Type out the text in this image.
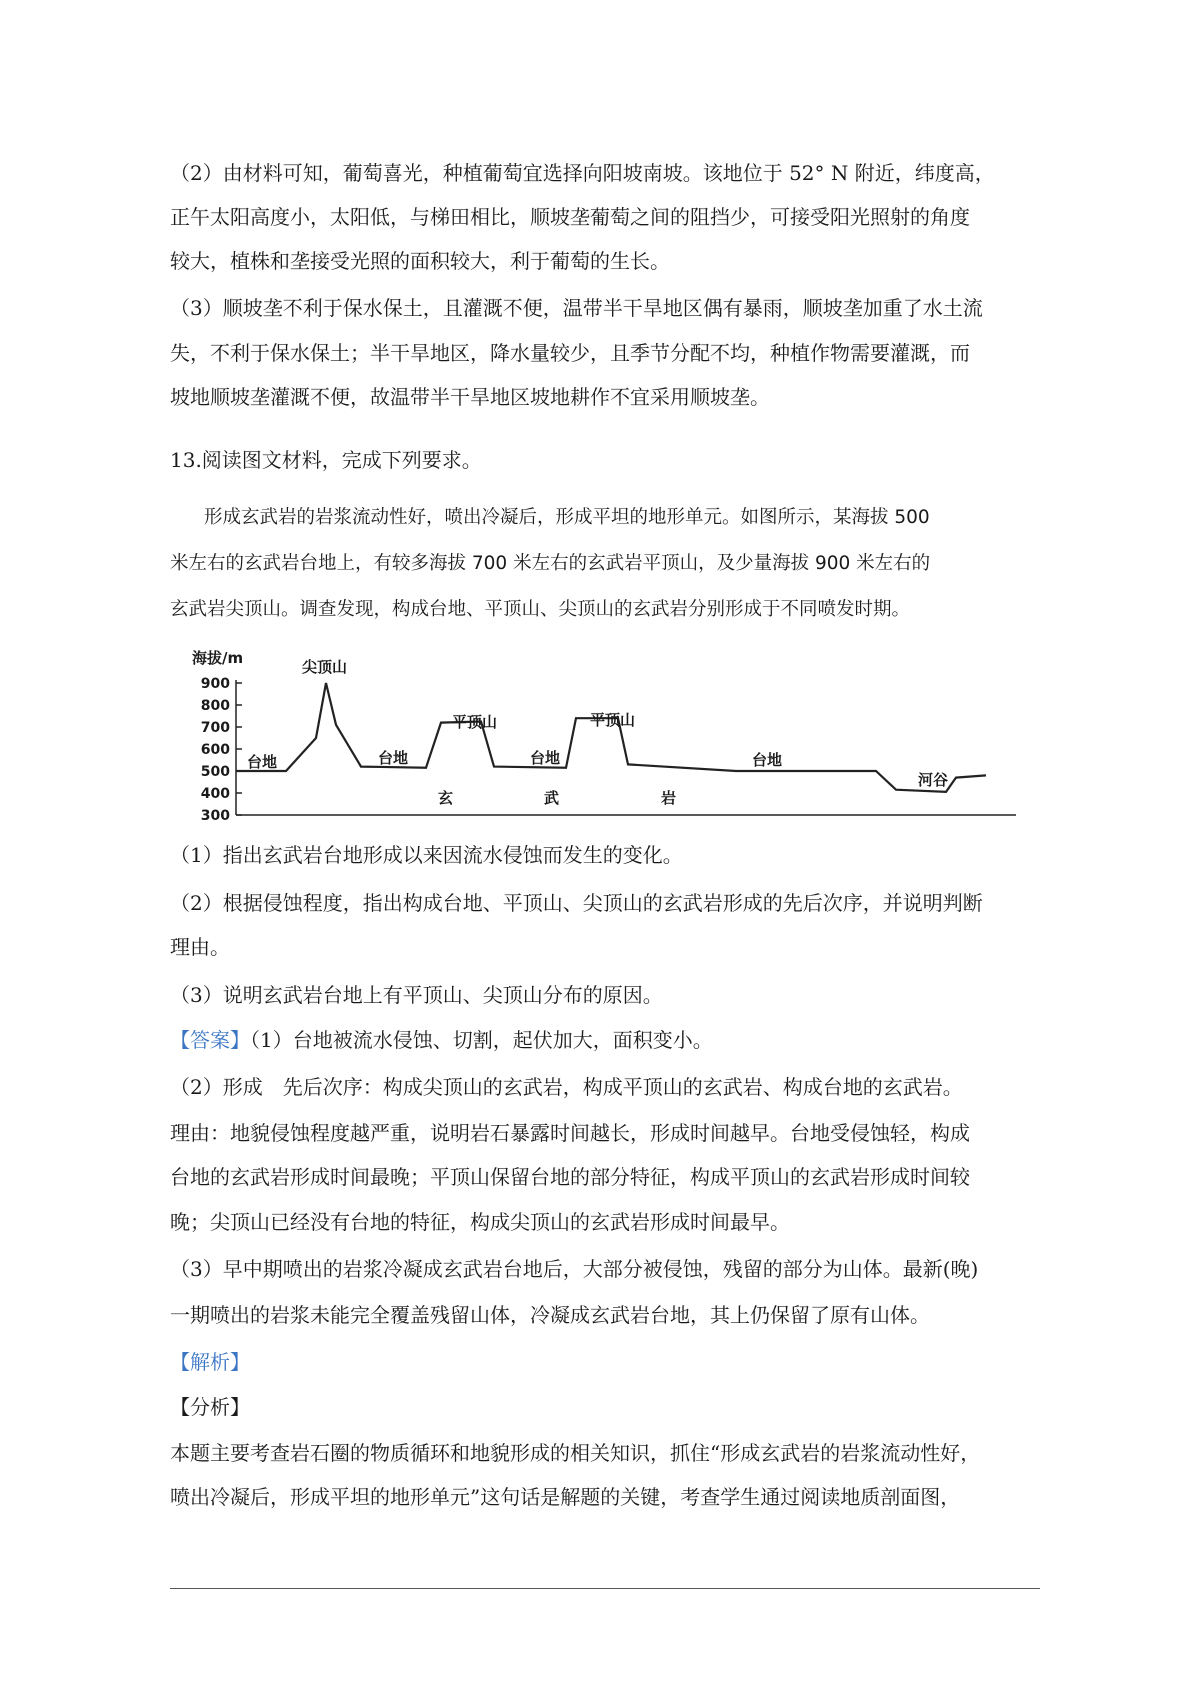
（2）由材料可知，葡萄喜光，种植葡萄宜选择向阳坡南坡。该地位于 52° N 附近，纬度高，

正午太阳高度小，太阳低，与梯田相比，顺坡垄葡萄之间的阻挡少，可接受阳光照射的角度

较大，植株和垄接受光照的面积较大，利于葡萄的生长。

（3）顺坡垄不利于保水保土，且灌溉不便，温带半干旱地区偶有暴雨，顺坡垄加重了水土流

失，不利于保水保土；半干旱地区，降水量较少，且季节分配不均，种植作物需要灌溉，而

坡地顺坡垄灌溉不便，故温带半干旱地区坡地耕作不宜采用顺坡垄。

13.阅读图文材料，完成下列要求。

形成玄武岩的岩浆流动性好，喷出冷凝后，形成平坦的地形单元。如图所示，某海拔 500

米左右的玄武岩台地上，有较多海拔 700 米左右的玄武岩平顶山，及少量海拔 900 米左右的

玄武岩尖顶山。调查发现，构成台地、平顶山、尖顶山的玄武岩分别形成于不同喷发时期。

海拔/m
300
400
500
600
700
800
900
台地
尖顶山
台地
平顶山
台地
平顶山
台地
河谷
玄	武	岩

（1）指出玄武岩台地形成以来因流水侵蚀而发生的变化。

（2）根据侵蚀程度，指出构成台地、平顶山、尖顶山的玄武岩形成的先后次序，并说明判断

理由。

（3）说明玄武岩台地上有平顶山、尖顶山分布的原因。

【答案】（1）台地被流水侵蚀、切割，起伏加大，面积变小。

（2）形成　先后次序：构成尖顶山的玄武岩，构成平顶山的玄武岩、构成台地的玄武岩。

理由：地貌侵蚀程度越严重，说明岩石暴露时间越长，形成时间越早。台地受侵蚀轻，构成

台地的玄武岩形成时间最晚；平顶山保留台地的部分特征，构成平顶山的玄武岩形成时间较

晚；尖顶山已经没有台地的特征，构成尖顶山的玄武岩形成时间最早。

（3）早中期喷出的岩浆冷凝成玄武岩台地后，大部分被侵蚀，残留的部分为山体。最新(晚)

一期喷出的岩浆未能完全覆盖残留山体，冷凝成玄武岩台地，其上仍保留了原有山体。

【解析】

【分析】

本题主要考查岩石圈的物质循环和地貌形成的相关知识，抓住“形成玄武岩的岩浆流动性好，

喷出冷凝后，形成平坦的地形单元”这句话是解题的关键，考查学生通过阅读地质剖面图，
